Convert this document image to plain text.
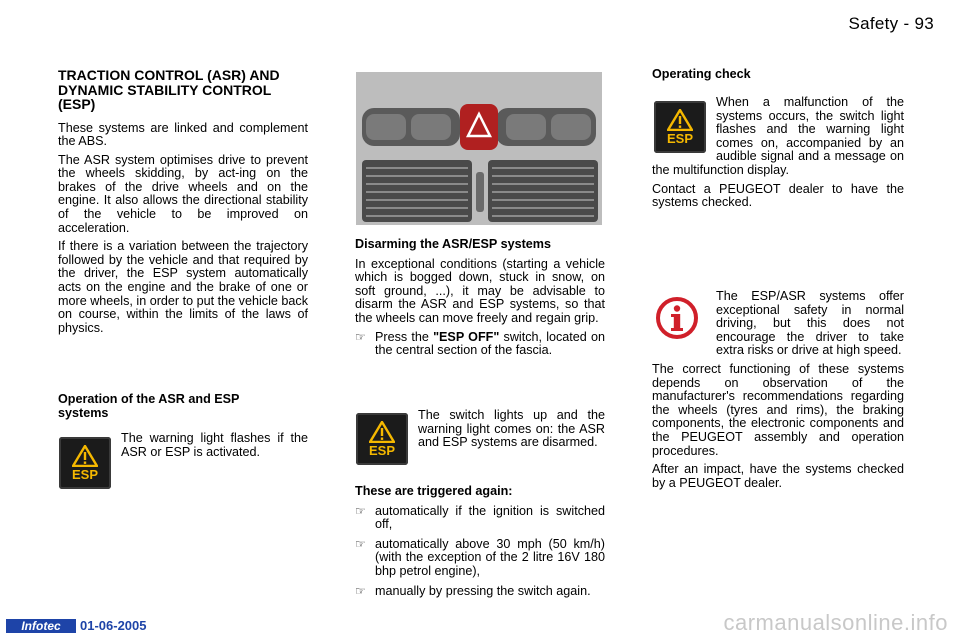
Safety - 93
TRACTION CONTROL (ASR) AND DYNAMIC STABILITY CONTROL (ESP)

These systems are linked and complement the ABS.

The ASR system optimises drive to prevent the wheels skidding, by act-ing on the brakes of the drive wheels and on the engine. It also allows the directional stability of the vehicle to be improved on acceleration.

If there is a variation between the trajectory followed by the vehicle and that required by the driver, the ESP system automatically acts on the engine and the brake of one or more wheels, in order to put the vehicle back on course, within the limits of the laws of physics.

Operation of the ASR and ESP systems
ESP
The warning light flashes if the ASR or ESP is activated.
Disarming the ASR/ESP systems

In exceptional conditions (starting a vehicle which is bogged down, stuck in snow, on soft ground, ...), it may be advisable to disarm the ASR and ESP systems, so that the wheels can move freely and regain grip.

☞ Press the "ESP OFF" switch, located on the central section of the fascia.
ESP
The switch lights up and the warning light comes on: the ASR and ESP systems are disarmed.
These are triggered again:
☞ automatically if the ignition is switched off,
☞ automatically above 30 mph (50 km/h) (with the exception of the 2 litre 16V 180 bhp petrol engine),
☞ manually by pressing the switch again.
Operating check
ESP

When a malfunction of the systems occurs, the switch light flashes and the warning light comes on, accompanied by an audible signal and a message on the multifunction display.

Contact a PEUGEOT dealer to have the systems checked.

The ESP/ASR systems offer exceptional safety in normal driving, but this does not encourage the driver to take extra risks or drive at high speed.

The correct functioning of these systems depends on observation of the manufacturer's recommendations regarding the wheels (tyres and rims), the braking components, the electronic components and the PEUGEOT assembly and operation procedures.

After an impact, have the systems checked by a PEUGEOT dealer.

Infotec	01-06-2005	carmanualsonline.info
